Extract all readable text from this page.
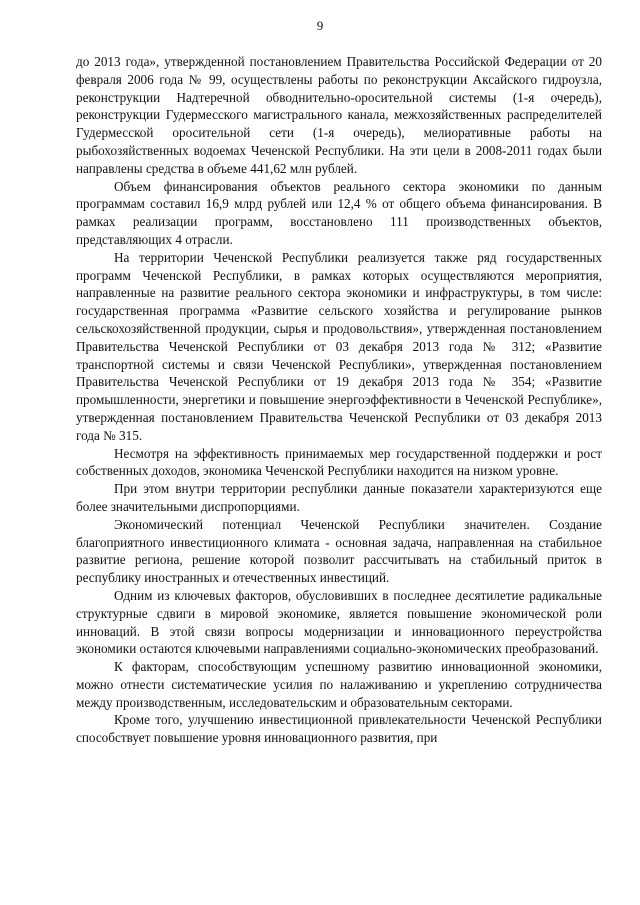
9

до 2013 года», утвержденной постановлением Правительства Российской Федерации от 20 февраля 2006 года № 99, осуществлены работы по реконструкции Аксайского гидроузла, реконструкции Надтеречной обводнительно-оросительной системы (1-я очередь), реконструкции Гудермесского магистрального канала, межхозяйственных распределителей Гудермесской оросительной сети (1-я очередь), мелиоративные работы на рыбохозяйственных водоемах Чеченской Республики. На эти цели в 2008-2011 годах были направлены средства в объеме 441,62 млн рублей.

Объем финансирования объектов реального сектора экономики по данным программам составил 16,9 млрд рублей или 12,4 % от общего объема финансирования. В рамках реализации программ, восстановлено 111 производственных объектов, представляющих 4 отрасли.

На территории Чеченской Республики реализуется также ряд государственных программ Чеченской Республики, в рамках которых осуществляются мероприятия, направленные на развитие реального сектора экономики и инфраструктуры, в том числе: государственная программа «Развитие сельского хозяйства и регулирование рынков сельскохозяйственной продукции, сырья и продовольствия», утвержденная постановлением Правительства Чеченской Республики от 03 декабря 2013 года № 312; «Развитие транспортной системы и связи Чеченской Республики», утвержденная постановлением Правительства Чеченской Республики от 19 декабря 2013 года № 354; «Развитие промышленности, энергетики и повышение энергоэффективности в Чеченской Республике», утвержденная постановлением Правительства Чеченской Республики от 03 декабря 2013 года № 315.

Несмотря на эффективность принимаемых мер государственной поддержки и рост собственных доходов, экономика Чеченской Республики находится на низком уровне.

При этом внутри территории республики данные показатели характеризуются еще более значительными диспропорциями.

Экономический потенциал Чеченской Республики значителен. Создание благоприятного инвестиционного климата - основная задача, направленная на стабильное развитие региона, решение которой позволит рассчитывать на стабильный приток в республику иностранных и отечественных инвестиций.

Одним из ключевых факторов, обусловивших в последнее десятилетие радикальные структурные сдвиги в мировой экономике, является повышение экономической роли инноваций. В этой связи вопросы модернизации и инновационного переустройства экономики остаются ключевыми направлениями социально-экономических преобразований.

К факторам, способствующим успешному развитию инновационной экономики, можно отнести систематические усилия по налаживанию и укреплению сотрудничества между производственным, исследовательским и образовательным секторами.

Кроме того, улучшению инвестиционной привлекательности Чеченской Республики способствует повышение уровня инновационного развития, при
